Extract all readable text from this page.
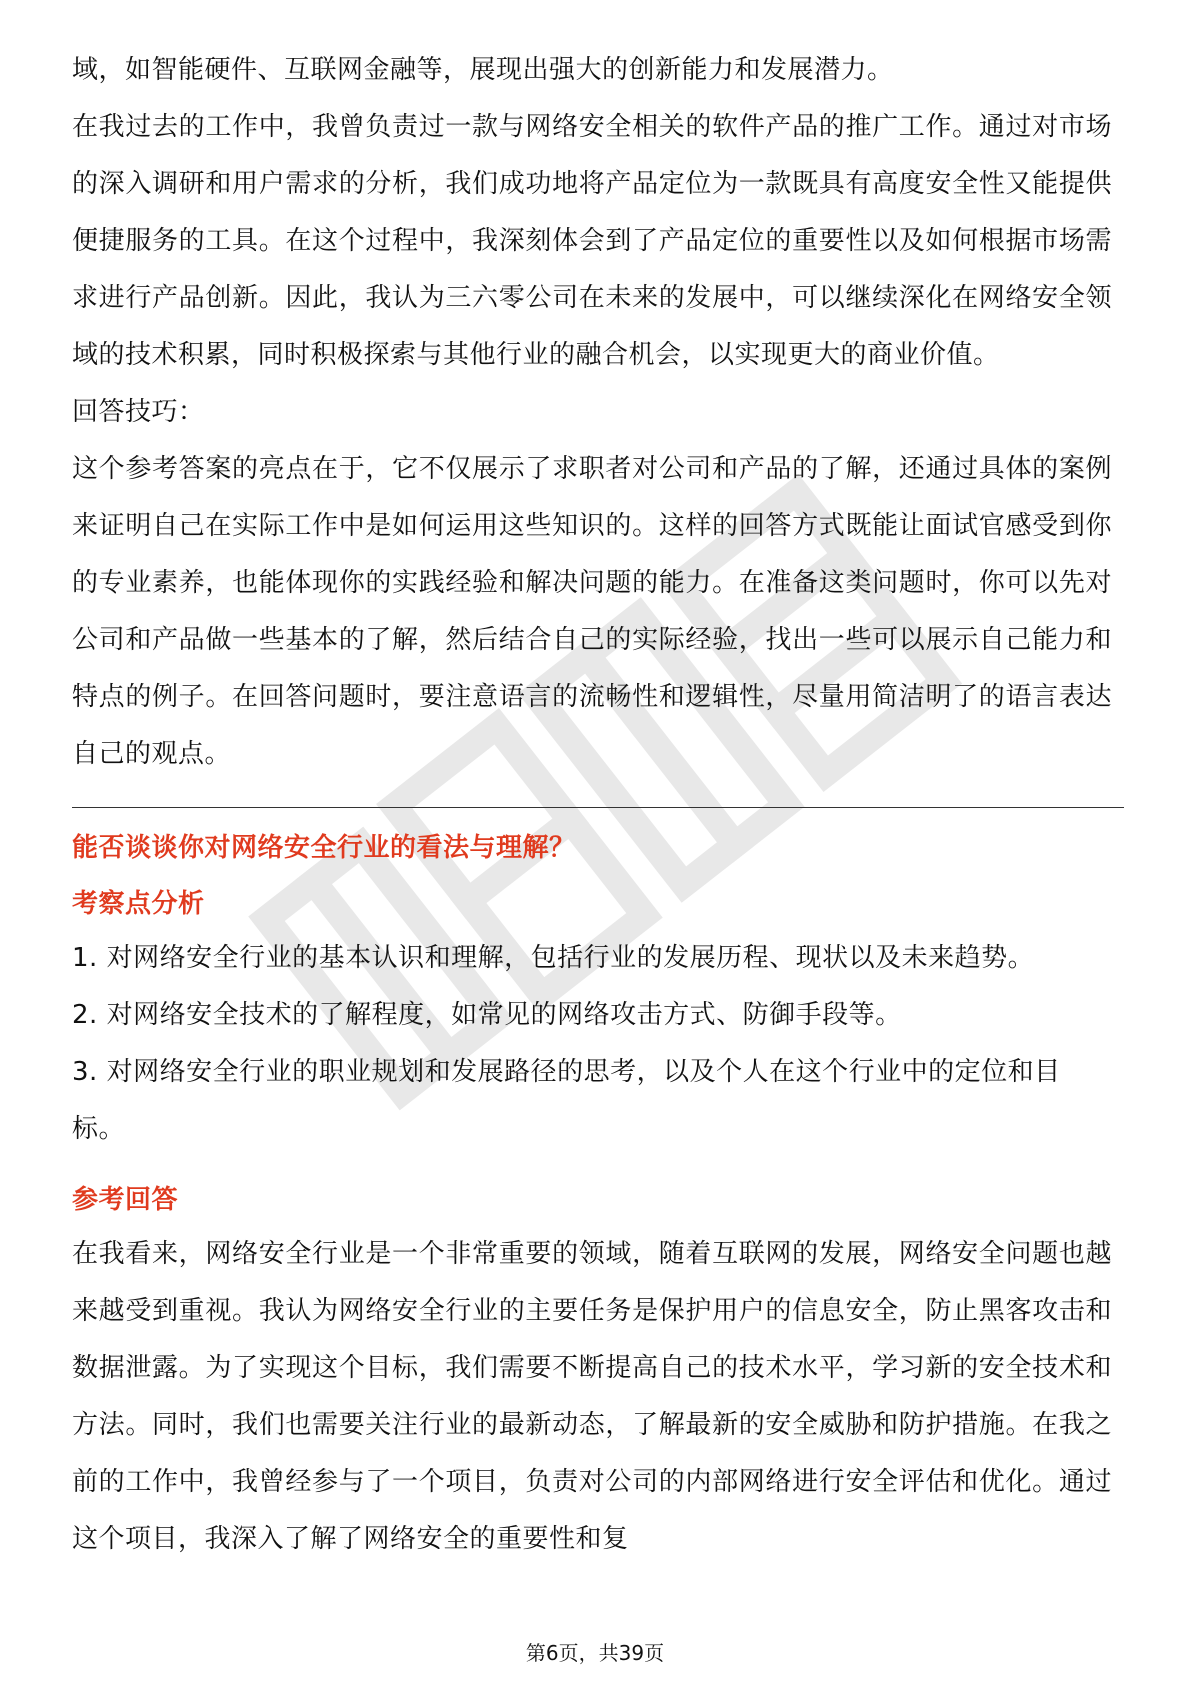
域，如智能硬件、互联网金融等，展现出强大的创新能力和发展潜力。

在我过去的工作中，我曾负责过一款与网络安全相关的软件产品的推广工作。通过对市场的深入调研和用户需求的分析，我们成功地将产品定位为一款既具有高度安全性又能提供便捷服务的工具。在这个过程中，我深刻体会到了产品定位的重要性以及如何根据市场需求进行产品创新。因此，我认为三六零公司在未来的发展中，可以继续深化在网络安全领域的技术积累，同时积极探索与其他行业的融合机会，以实现更大的商业价值。

回答技巧：

这个参考答案的亮点在于，它不仅展示了求职者对公司和产品的了解，还通过具体的案例来证明自己在实际工作中是如何运用这些知识的。这样的回答方式既能让面试官感受到你的专业素养，也能体现你的实践经验和解决问题的能力。在准备这类问题时，你可以先对公司和产品做一些基本的了解，然后结合自己的实际经验，找出一些可以展示自己能力和特点的例子。在回答问题时，要注意语言的流畅性和逻辑性，尽量用简洁明了的语言表达自己的观点。

能否谈谈你对网络安全行业的看法与理解？

考察点分析

1. 对网络安全行业的基本认识和理解，包括行业的发展历程、现状以及未来趋势。

2. 对网络安全技术的了解程度，如常见的网络攻击方式、防御手段等。

3. 对网络安全行业的职业规划和发展路径的思考，以及个人在这个行业中的定位和目标。

参考回答

在我看来，网络安全行业是一个非常重要的领域，随着互联网的发展，网络安全问题也越来越受到重视。我认为网络安全行业的主要任务是保护用户的信息安全，防止黑客攻击和数据泄露。为了实现这个目标，我们需要不断提高自己的技术水平，学习新的安全技术和方法。同时，我们也需要关注行业的最新动态，了解最新的安全威胁和防护措施。在我之前的工作中，我曾经参与了一个项目，负责对公司的内部网络进行安全评估和优化。通过这个项目，我深入了解了网络安全的重要性和复

第6页，共39页
